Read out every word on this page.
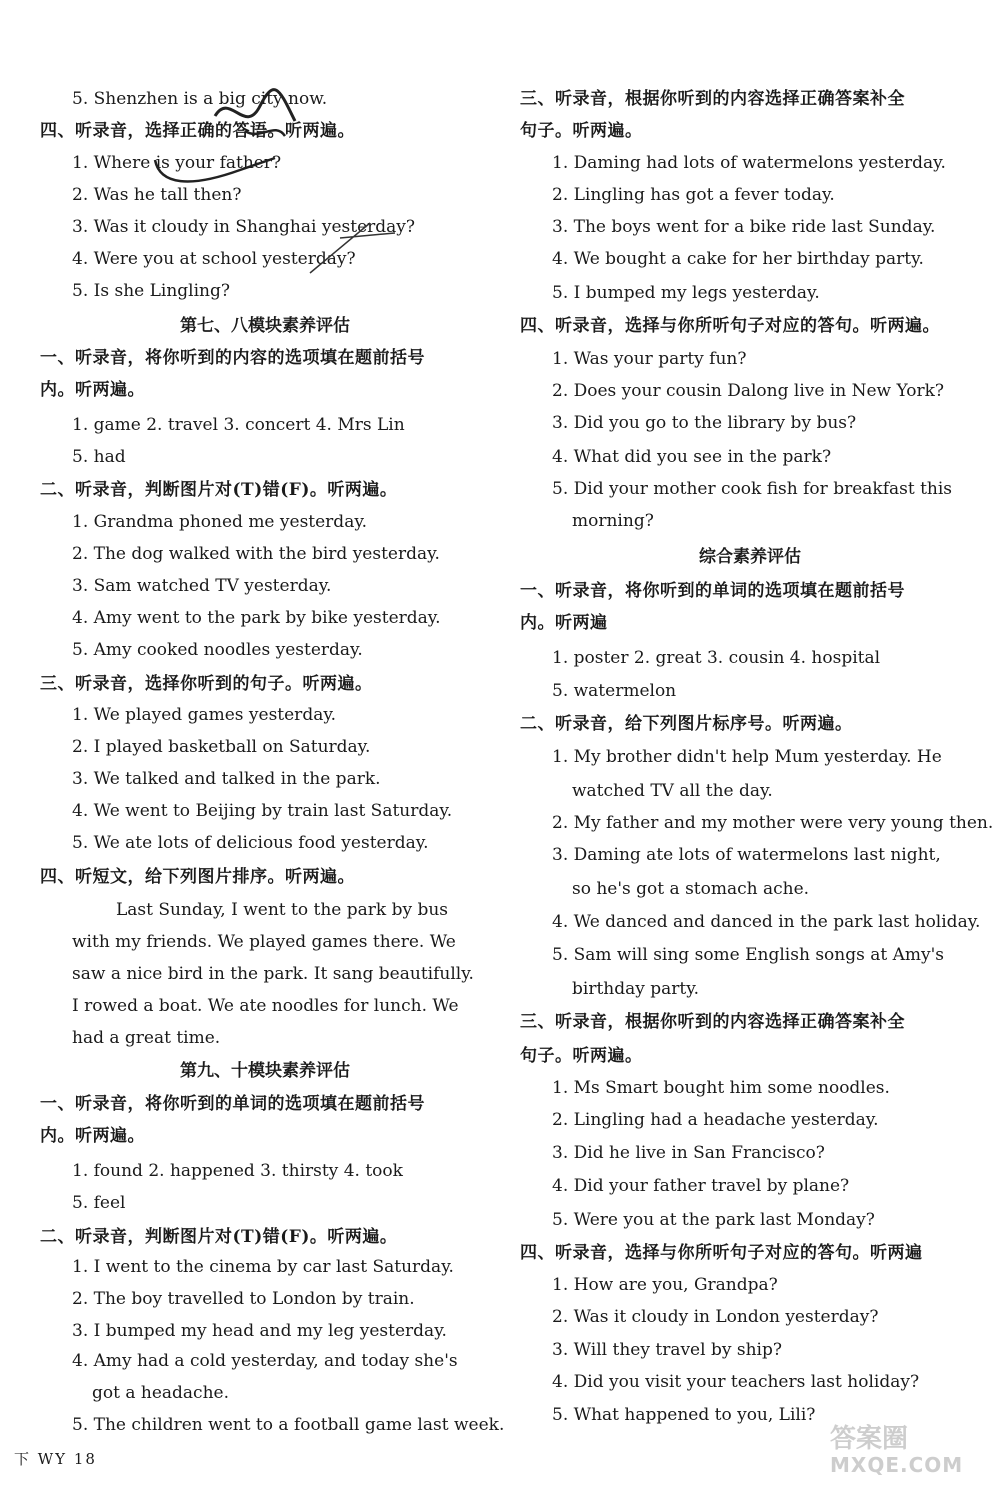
5. Shenzhen is a big city now.
四、听录音，选择正确的答语。听两遍。
1. Where is your father?
2. Was he tall then?
3. Was it cloudy in Shanghai yesterday?
4. Were you at school yesterday?
5. Is she Lingling?
第七、八模块素养评估
一、听录音，将你听到的内容的选项填在题前括号
内。听两遍。
1. game 2. travel 3. concert 4. Mrs Lin
5. had
二、听录音，判断图片对(T)错(F)。听两遍。
1. Grandma phoned me yesterday.
2. The dog walked with the bird yesterday.
3. Sam watched TV yesterday.
4. Amy went to the park by bike yesterday.
5. Amy cooked noodles yesterday.
三、听录音，选择你听到的句子。听两遍。
1. We played games yesterday.
2. I played basketball on Saturday.
3. We talked and talked in the park.
4. We went to Beijing by train last Saturday.
5. We ate lots of delicious food yesterday.
四、听短文，给下列图片排序。听两遍。
Last Sunday, I went to the park by bus with my friends. We played games there. We saw a nice bird in the park. It sang beautifully. I rowed a boat. We ate noodles for lunch. We had a great time.
第九、十模块素养评估
一、听录音，将你听到的单词的选项填在题前括号
内。听两遍。
1. found 2. happened 3. thirsty 4. took
5. feel
二、听录音，判断图片对(T)错(F)。听两遍。
1. I went to the cinema by car last Saturday.
2. The boy travelled to London by train.
3. I bumped my head and my leg yesterday.
4. Amy had a cold yesterday, and today she's
got a headache.
5. The children went to a football game last week.
三、听录音，根据你听到的内容选择正确答案补全
句子。听两遍。
1. Daming had lots of watermelons yesterday.
2. Lingling has got a fever today.
3. The boys went for a bike ride last Sunday.
4. We bought a cake for her birthday party.
5. I bumped my legs yesterday.
四、听录音，选择与你所听句子对应的答句。听两遍。
1. Was your party fun?
2. Does your cousin Dalong live in New York?
3. Did you go to the library by bus?
4. What did you see in the park?
5. Did your mother cook fish for breakfast this
morning?
综合素养评估
一、听录音，将你听到的单词的选项填在题前括号
内。听两遍
1. poster 2. great 3. cousin 4. hospital
5. watermelon
二、听录音，给下列图片标序号。听两遍。
1. My brother didn't help Mum yesterday. He
watched TV all the day.
2. My father and my mother were very young then.
3. Daming ate lots of watermelons last night,
so he's got a stomach ache.
4. We danced and danced in the park last holiday.
5. Sam will sing some English songs at Amy's
birthday party.
三、听录音，根据你听到的内容选择正确答案补全
句子。听两遍。
1. Ms Smart bought him some noodles.
2. Lingling had a headache yesterday.
3. Did he live in San Francisco?
4. Did your father travel by plane?
5. Were you at the park last Monday?
四、听录音，选择与你所听句子对应的答句。听两遍
1. How are you, Grandpa?
2. Was it cloudy in London yesterday?
3. Will they travel by ship?
4. Did you visit your teachers last holiday?
5. What happened to you, Lili?
下 WY 18
答案圈
MXQE.COM
